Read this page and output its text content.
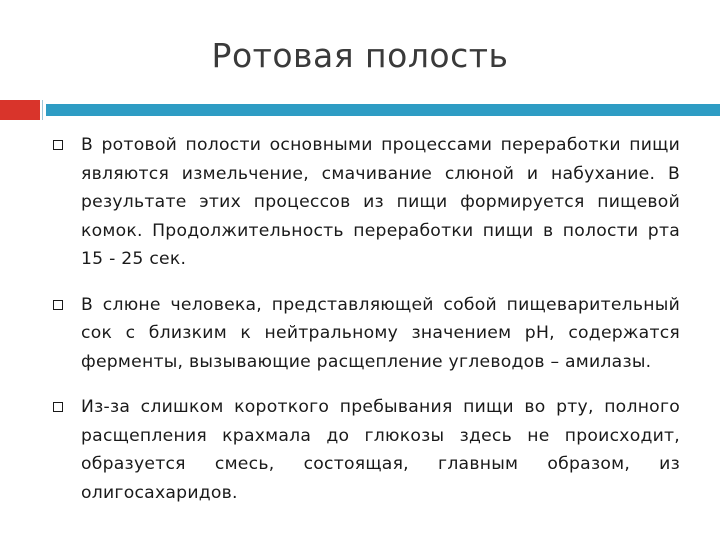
Ротовая полость
В ротовой полости основными процессами переработки пищи являются измельчение, смачивание слюной и набухание. В результате этих процессов из пищи формируется пищевой комок. Продолжительность переработки пищи в полости рта 15 - 25 сек.
В слюне человека, представляющей собой пищеварительный сок с близким к нейтральному значением рН, содержатся ферменты, вызывающие расщепление углеводов – амилазы.
Из-за слишком короткого пребывания пищи во рту, полного расщепления крахмала до глюкозы здесь не происходит, образуется смесь, состоящая, главным образом, из олигосахаридов.
